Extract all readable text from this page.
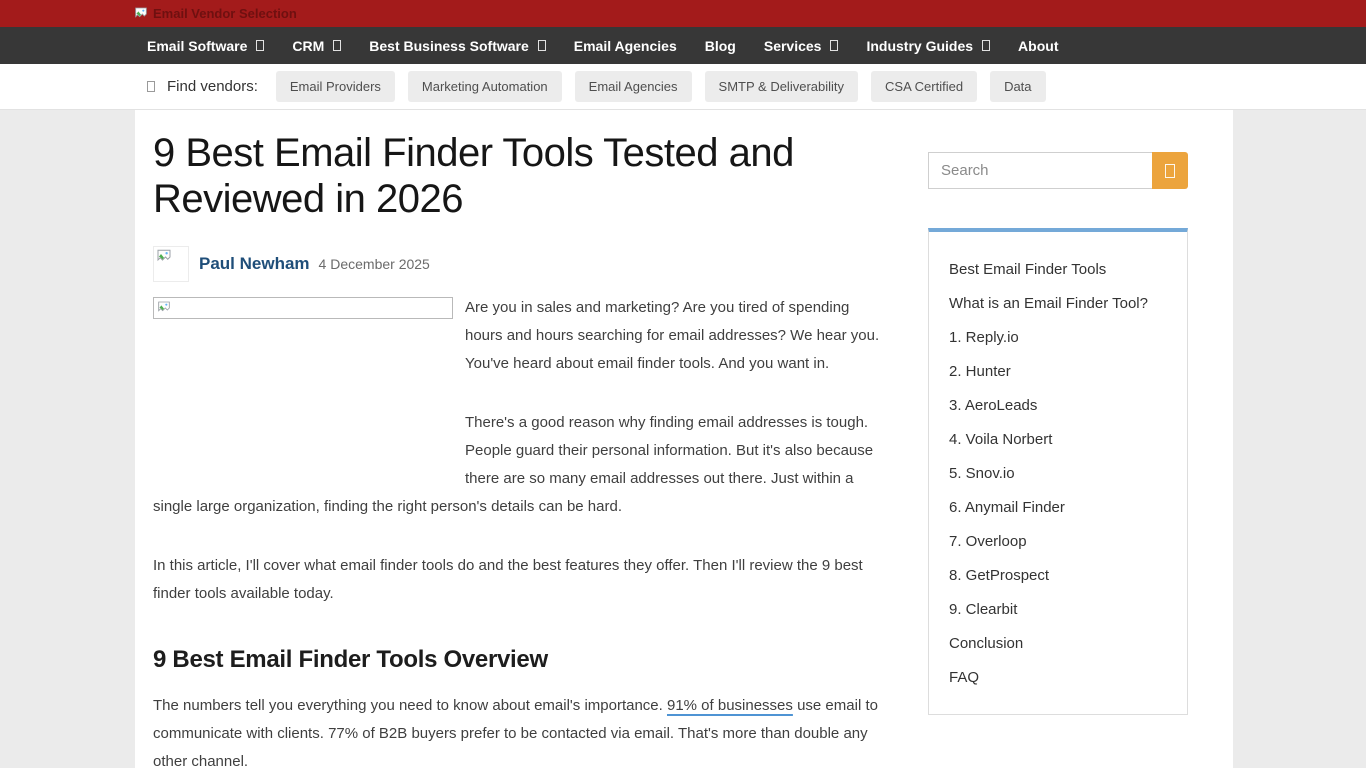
Email Vendor Selection
Email Software	CRM	Best Business Software	Email Agencies Blog Services	Industry Guides	About
Find vendors:	Email Providers	Marketing Automation	Email Agencies	SMTP & Deliverability	CSA Certified	Data
9 Best Email Finder Tools Tested and Reviewed in 2026
Paul Newham 4 December 2025

Are you in sales and marketing? Are you tired of spending hours and hours searching for email addresses? We hear you. You've heard about email finder tools. And you want in.

There's a good reason why finding email addresses is tough. People guard their personal information. But it's also because there are so many email addresses out there. Just within a single large organization, finding the right person's details can be hard.

In this article, I'll cover what email finder tools do and the best features they offer. Then I'll review the 9 best finder tools available today.

9 Best Email Finder Tools Overview

The numbers tell you everything you need to know about email's importance. 91% of businesses use email to communicate with clients. 77% of B2B buyers prefer to be contacted via email. That's more than double any other channel.

Search
Best Email Finder Tools
What is an Email Finder Tool?
1. Reply.io
2. Hunter
3. AeroLeads
4. Voila Norbert
5. Snov.io
6. Anymail Finder
7. Overloop
8. GetProspect
9. Clearbit
Conclusion
FAQ
